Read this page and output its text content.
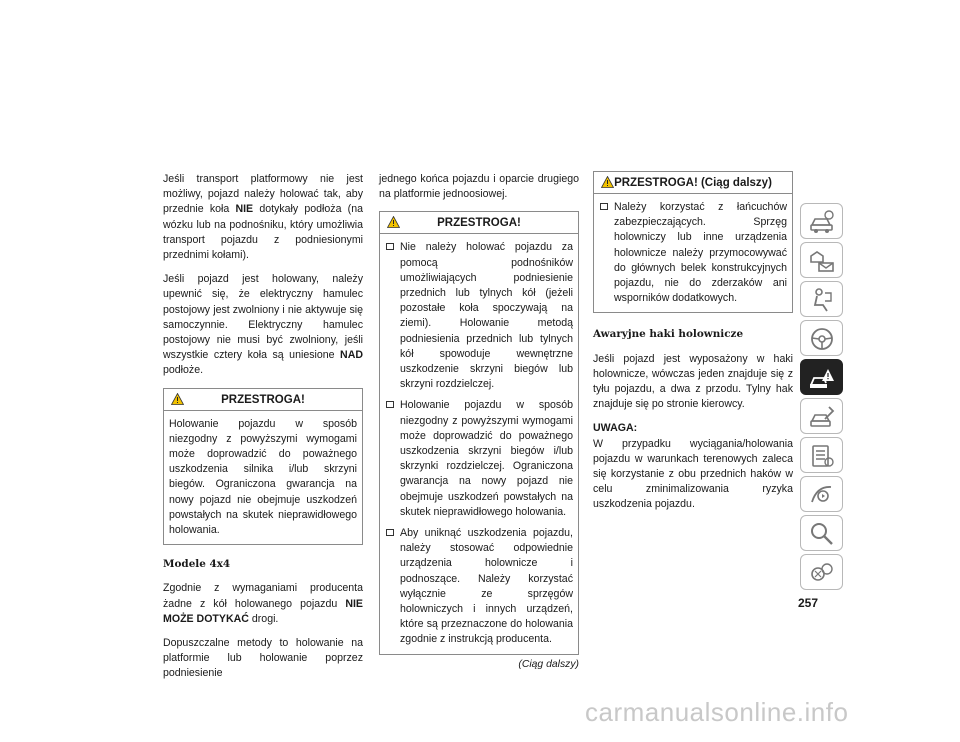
Jeśli transport platformowy nie jest możliwy, pojazd należy holować tak, aby przednie koła NIE dotykały podłoża (na wózku lub na podnośniku, który umożliwia transport pojazdu z podniesionymi przednimi kołami).

Jeśli pojazd jest holowany, należy upewnić się, że elektryczny hamulec postojowy jest zwolniony i nie aktywuje się samoczynnie. Elektryczny hamulec postojowy nie musi być zwolniony, jeśli wszystkie cztery koła są uniesione NAD podłoże.

PRZESTROGA!

Holowanie pojazdu w sposób niezgodny z powyższymi wymogami może doprowadzić do poważnego uszkodzenia silnika i/lub skrzyni biegów. Ograniczona gwarancja na nowy pojazd nie obejmuje uszkodzeń powstałych na skutek nieprawidłowego holowania.

Modele 4x4

Zgodnie z wymaganiami producenta żadne z kół holowanego pojazdu NIE MOŻE DOTYKAĆ drogi.

Dopuszczalne metody to holowanie na platformie lub holowanie poprzez podniesienie

jednego końca pojazdu i oparcie drugiego na platformie jednoosiowej.

PRZESTROGA!
Nie należy holować pojazdu za pomocą podnośników umożliwiających podniesienie przednich lub tylnych kół (jeżeli pozostałe koła spoczywają na ziemi). Holowanie metodą podniesienia przednich lub tylnych kół spowoduje wewnętrzne uszkodzenie skrzyni biegów lub skrzyni rozdzielczej.
Holowanie pojazdu w sposób niezgodny z powyższymi wymogami może doprowadzić do poważnego uszkodzenia skrzyni biegów i/lub skrzynki rozdzielczej. Ograniczona gwarancja na nowy pojazd nie obejmuje uszkodzeń powstałych na skutek nieprawidłowego holowania.
Aby uniknąć uszkodzenia pojazdu, należy stosować odpowiednie urządzenia holownicze i podnoszące. Należy korzystać wyłącznie ze sprzęgów holowniczych i innych urządzeń, które są przeznaczone do holowania zgodnie z instrukcją producenta.
(Ciąg dalszy)
PRZESTROGA! (Ciąg dalszy)
Należy korzystać z łańcuchów zabezpieczających. Sprzęg holowniczy lub inne urządzenia holownicze należy przymocowywać do głównych belek konstrukcyjnych pojazdu, nie do zderzaków ani wsporników dodatkowych.
Awaryjne haki holownicze

Jeśli pojazd jest wyposażony w haki holownicze, wówczas jeden znajduje się z tyłu pojazdu, a dwa z przodu. Tylny hak znajduje się po stronie kierowcy.

UWAGA:

W przypadku wyciągania/holowania pojazdu w warunkach terenowych zaleca się korzystanie z obu przednich haków w celu zminimalizowania ryzyka uszkodzenia pojazdu.

257
carmanualsonline.info
